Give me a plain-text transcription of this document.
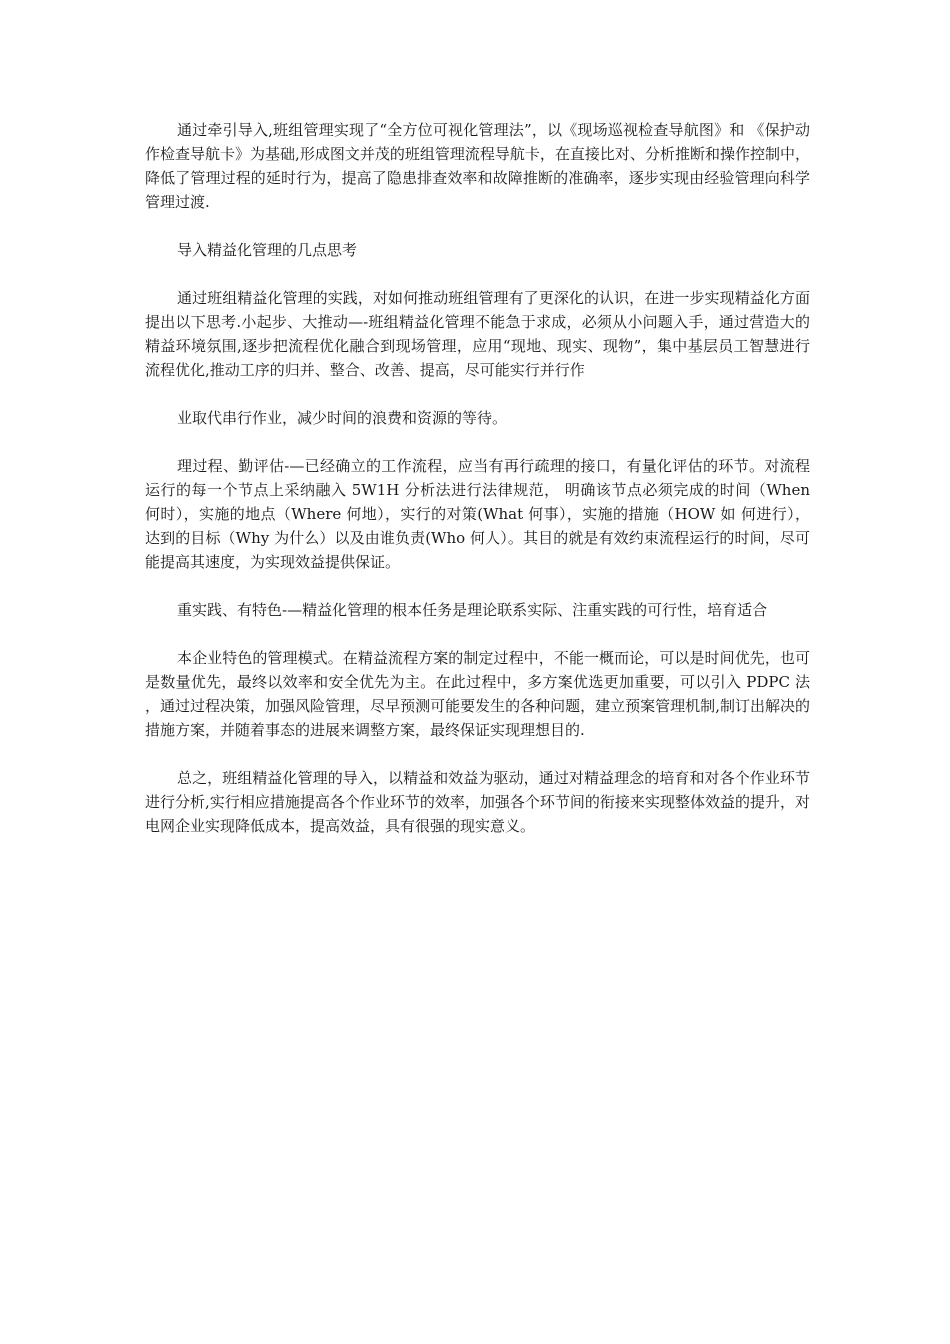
通过牵引导入,班组管理实现了“全方位可视化管理法”，以《现场巡视检查导航图》和 《保护动作检查导航卡》为基础,形成图文并茂的班组管理流程导航卡，在直接比对、分析推断和操作控制中，降低了管理过程的延时行为，提高了隐患排查效率和故障推断的准确率，逐步实现由经验管理向科学管理过渡.

导入精益化管理的几点思考

通过班组精益化管理的实践，对如何推动班组管理有了更深化的认识，在进一步实现精益化方面提出以下思考.小起步、大推动—-班组精益化管理不能急于求成，必须从小问题入手，通过营造大的精益环境氛围,逐步把流程优化融合到现场管理，应用“现地、现实、现物”，集中基层员工智慧进行流程优化,推动工序的归并、整合、改善、提高，尽可能实行并行作

业取代串行作业，减少时间的浪费和资源的等待。

理过程、勤评估-—已经确立的工作流程，应当有再行疏理的接口，有量化评估的环节。对流程运行的每一个节点上采纳融入 5W1H 分析法进行法律规范， 明确该节点必须完成的时间（When 何时），实施的地点（Where 何地），实行的对策(What 何事），实施的措施（HOW 如 何进行），达到的目标（Why 为什么）以及由谁负责(Who 何人）。其目的就是有效约束流程运行的时间，尽可能提高其速度，为实现效益提供保证。

重实践、有特色-—精益化管理的根本任务是理论联系实际、注重实践的可行性，培育适合

本企业特色的管理模式。在精益流程方案的制定过程中，不能一概而论，可以是时间优先，也可是数量优先，最终以效率和安全优先为主。在此过程中，多方案优选更加重要，可以引入 PDPC 法 ，通过过程决策，加强风险管理，尽早预测可能要发生的各种问题，建立预案管理机制,制订出解决的措施方案，并随着事态的进展来调整方案，最终保证实现理想目的.

总之，班组精益化管理的导入，以精益和效益为驱动，通过对精益理念的培育和对各个作业环节进行分析,实行相应措施提高各个作业环节的效率，加强各个环节间的衔接来实现整体效益的提升，对电网企业实现降低成本，提高效益，具有很强的现实意义。
